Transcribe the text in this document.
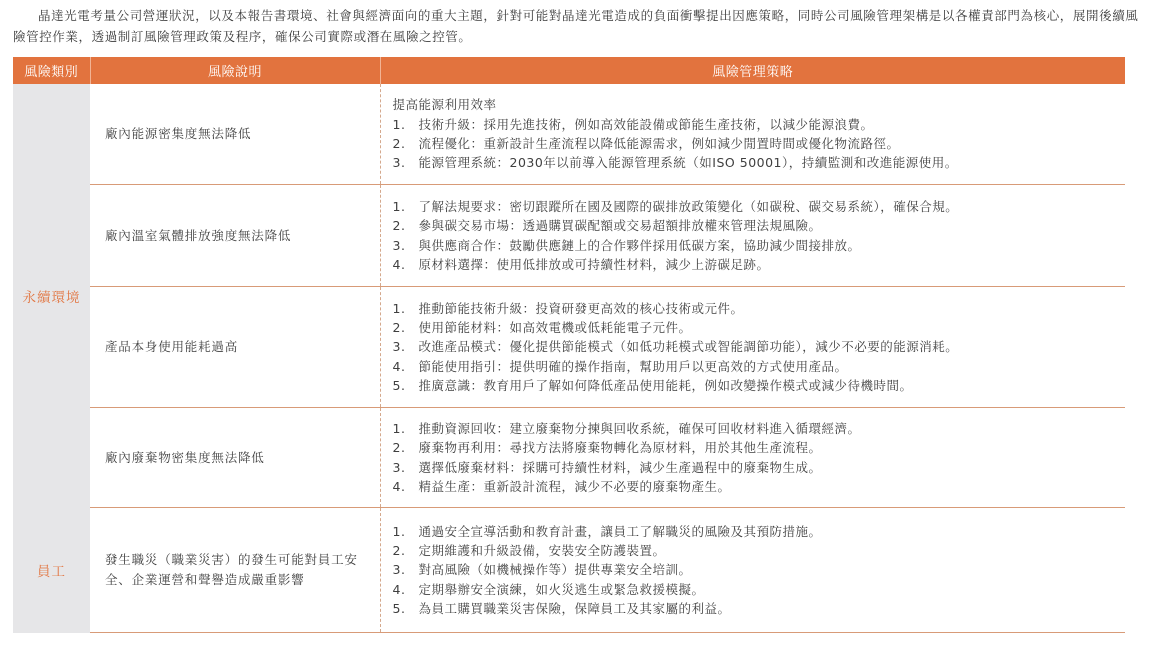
晶達光電考量公司營運狀況，以及本報告書環境、社會與經濟面向的重大主題，針對可能對晶達光電造成的負面衝擊提出因應策略，同時公司風險管理架構是以各權責部門為核心，展開後續風險管控作業，透過制訂風險管理政策及程序，確保公司實際或潛在風險之控管。

風險類別	風險說明	風險管理策略
永續環境	廠內能源密集度無法降低	
提高能源利用效率
1.	技術升級：採用先進技術，例如高效能設備或節能生產技術，以減少能源浪費。
2.	流程優化：重新設計生產流程以降低能源需求，例如減少閒置時間或優化物流路徑。
3.	能源管理系統：2030年以前導入能源管理系統（如ISO 50001），持續監測和改進能源使用。

廠內溫室氣體排放強度無法降低	
1.	了解法規要求：密切跟蹤所在國及國際的碳排放政策變化（如碳稅、碳交易系統），確保合規。
2.	參與碳交易市場：透過購買碳配額或交易超額排放權來管理法規風險。
3.	與供應商合作：鼓勵供應鏈上的合作夥伴採用低碳方案，協助減少間接排放。
4.	原材料選擇：使用低排放或可持續性材料，減少上游碳足跡。

產品本身使用能耗過高	
1.	推動節能技術升級：投資研發更高效的核心技術或元件。
2.	使用節能材料：如高效電機或低耗能電子元件。
3.	改進產品模式：優化提供節能模式（如低功耗模式或智能調節功能），減少不必要的能源消耗。
4.	節能使用指引：提供明確的操作指南，幫助用戶以更高效的方式使用產品。
5.	推廣意識：教育用戶了解如何降低產品使用能耗，例如改變操作模式或減少待機時間。

廠內廢棄物密集度無法降低	
1.	推動資源回收：建立廢棄物分揀與回收系統，確保可回收材料進入循環經濟。
2.	廢棄物再利用：尋找方法將廢棄物轉化為原材料，用於其他生產流程。
3.	選擇低廢棄材料：採購可持續性材料，減少生產過程中的廢棄物生成。
4.	精益生產：重新設計流程，減少不必要的廢棄物產生。

員工	發生職災（職業災害）的發生可能對員工安全、企業運營和聲譽造成嚴重影響	
1.	通過安全宣導活動和教育計畫，讓員工了解職災的風險及其預防措施。
2.	定期維護和升級設備，安裝安全防護裝置。
3.	對高風險（如機械操作等）提供專業安全培訓。
4.	定期舉辦安全演練，如火災逃生或緊急救援模擬。
5.	為員工購買職業災害保險，保障員工及其家屬的利益。
